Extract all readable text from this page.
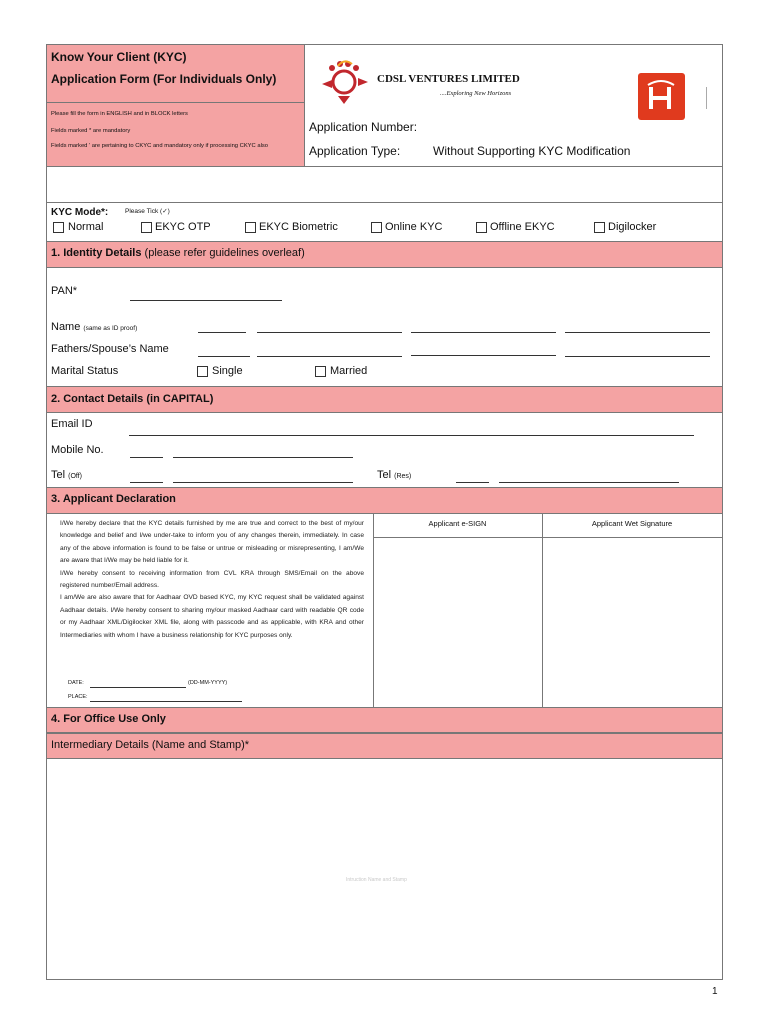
Know Your Client (KYC)
Application Form (For Individuals Only)
Please fill the form in ENGLISH and in BLOCK letters
Fields marked * are mandatory
Fields marked ' are pertaining to CKYC and mandatory only if processing CKYC also
CDSL VENTURES LIMITED
....Exploring New Horizons
Application Number:
Application Type:	Without Supporting KYC Modification
KYC Mode*:	Please Tick (✓)
Normal	EKYC OTP	EKYC Biometric	Online KYC	Offline EKYC	Digilocker
1. Identity Details (please refer guidelines overleaf)
PAN*
Name (same as ID proof)
Fathers/Spouse’s Name
Marital Status	Single	Married
2. Contact Details (in CAPITAL)
Email ID
Mobile No.
Tel (Off)	Tel (Res)
3. Applicant Declaration

I/We hereby declare that the KYC details furnished by me are true and correct to the best of my/our knowledge and belief and I/we under-take to inform you of any changes therein, immediately. In case any of the above information is found to be false or untrue or misleading or misrepresenting, I am/We are aware that I/We may be held liable for it.

I/We hereby consent to receiving information from CVL KRA through SMS/Email on the above registered number/Email address.

I am/We are also aware that for Aadhaar OVD based KYC, my KYC request shall be validated against Aadhaar details. I/We hereby consent to sharing my/our masked Aadhaar card with readable QR code or my Aadhaar XML/Digilocker XML file, along with passcode and as applicable, with KRA and other Intermediaries with whom I have a business relationship for KYC purposes only.

DATE:	(DD-MM-YYYY)
PLACE:
Applicant e-SIGN	Applicant Wet Signature
4. For Office Use Only
Intermediary Details (Name and Stamp)*
Intruction Name and Stamp
1
